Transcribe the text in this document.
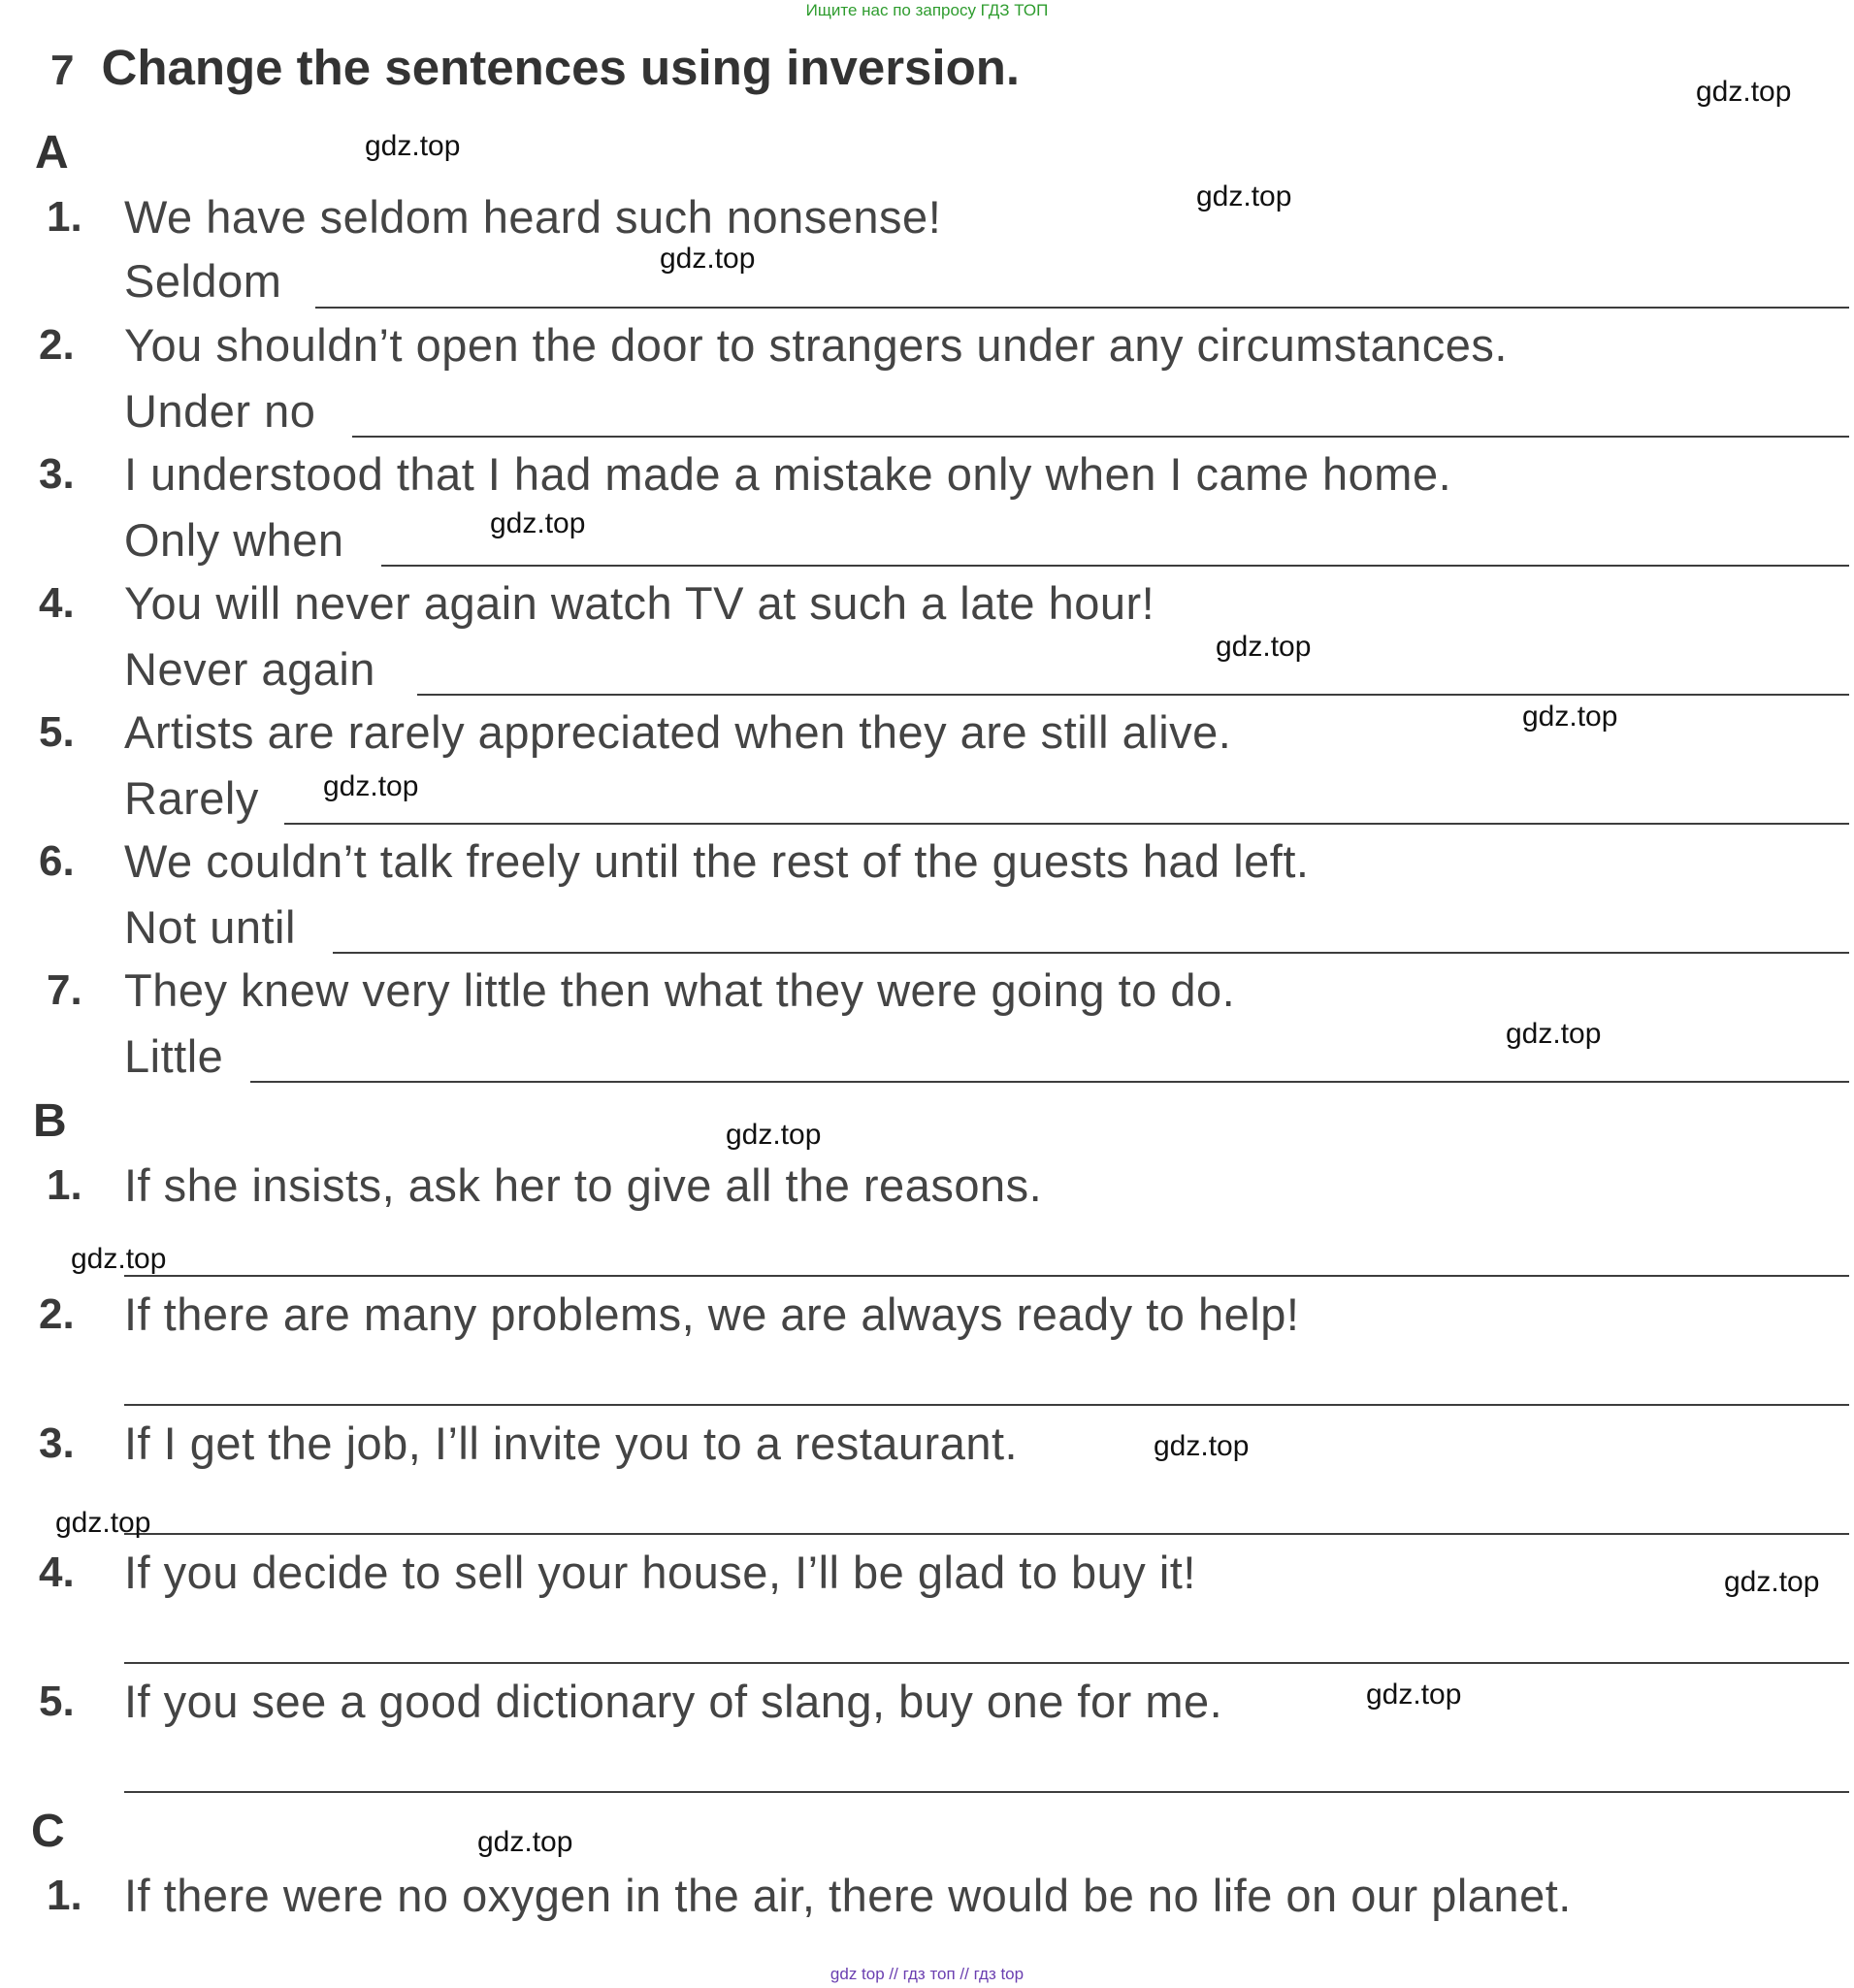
Ищите нас по запросу ГДЗ ТОП
7 Change the sentences using inversion.
A
1. We have seldom heard such nonsense!
Seldom
2. You shouldn’t open the door to strangers under any circumstances.
Under no
3. I understood that I had made a mistake only when I came home.
Only when
4. You will never again watch TV at such a late hour!
Never again
5. Artists are rarely appreciated when they are still alive.
Rarely
6. We couldn’t talk freely until the rest of the guests had left.
Not until
7. They knew very little then what they were going to do.
Little
B
1. If she insists, ask her to give all the reasons.
2. If there are many problems, we are always ready to help!
3. If I get the job, I’ll invite you to a restaurant.
4. If you decide to sell your house, I’ll be glad to buy it!
5. If you see a good dictionary of slang, buy one for me.
C
1. If there were no oxygen in the air, there would be no life on our planet.
gdz.top
gdz.top
gdz.top
gdz.top
gdz.top
gdz.top
gdz.top
gdz.top
gdz.top
gdz.top
gdz.top
gdz.top
gdz.top
gdz.top
gdz.top
gdz.top
gdz top // гдз топ // гдз top
